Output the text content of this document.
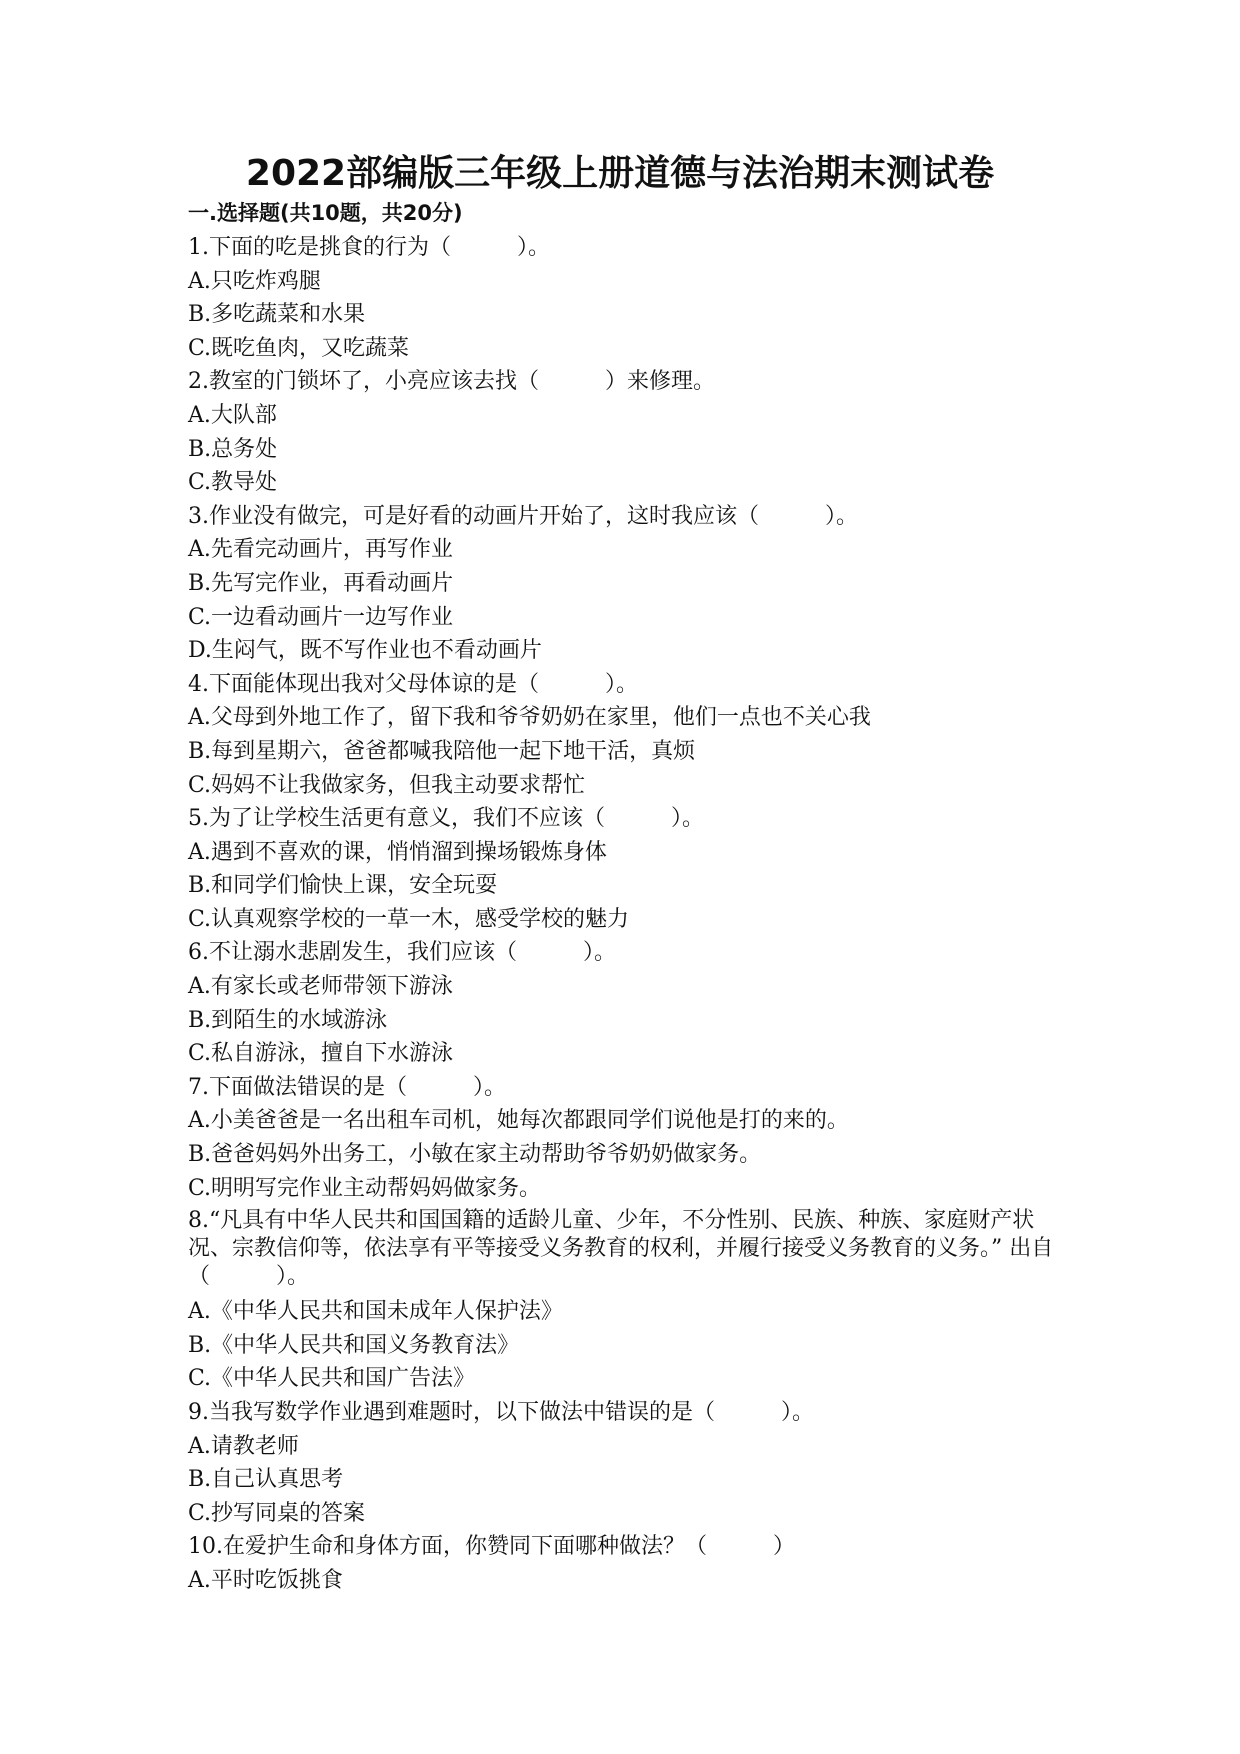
2022部编版三年级上册道德与法治期末测试卷
一.选择题(共10题，共20分)

1.下面的吃是挑食的行为（　　　）。

A.只吃炸鸡腿

B.多吃蔬菜和水果

C.既吃鱼肉，又吃蔬菜

2.教室的门锁坏了，小亮应该去找（　　　）来修理。

A.大队部

B.总务处

C.教导处

3.作业没有做完，可是好看的动画片开始了，这时我应该（　　　）。

A.先看完动画片，再写作业

B.先写完作业，再看动画片

C.一边看动画片一边写作业

D.生闷气，既不写作业也不看动画片

4.下面能体现出我对父母体谅的是（　　　）。

A.父母到外地工作了，留下我和爷爷奶奶在家里，他们一点也不关心我

B.每到星期六，爸爸都喊我陪他一起下地干活，真烦

C.妈妈不让我做家务，但我主动要求帮忙

5.为了让学校生活更有意义，我们不应该（　　　）。

A.遇到不喜欢的课，悄悄溜到操场锻炼身体

B.和同学们愉快上课，安全玩耍

C.认真观察学校的一草一木，感受学校的魅力

6.不让溺水悲剧发生，我们应该（　　　）。

A.有家长或老师带领下游泳

B.到陌生的水域游泳

C.私自游泳，擅自下水游泳

7.下面做法错误的是（　　　）。

A.小美爸爸是一名出租车司机，她每次都跟同学们说他是打的来的。

B.爸爸妈妈外出务工，小敏在家主动帮助爷爷奶奶做家务。

C.明明写完作业主动帮妈妈做家务。

8.“凡具有中华人民共和国国籍的适龄儿童、少年，不分性别、民族、种族、家庭财产状况、宗教信仰等，依法享有平等接受义务教育的权利，并履行接受义务教育的义务。” 出自（　　　）。

A.《中华人民共和国未成年人保护法》

B.《中华人民共和国义务教育法》

C.《中华人民共和国广告法》

9.当我写数学作业遇到难题时，以下做法中错误的是（　　　）。

A.请教老师

B.自己认真思考

C.抄写同桌的答案

10.在爱护生命和身体方面，你赞同下面哪种做法？（　　　）

A.平时吃饭挑食
